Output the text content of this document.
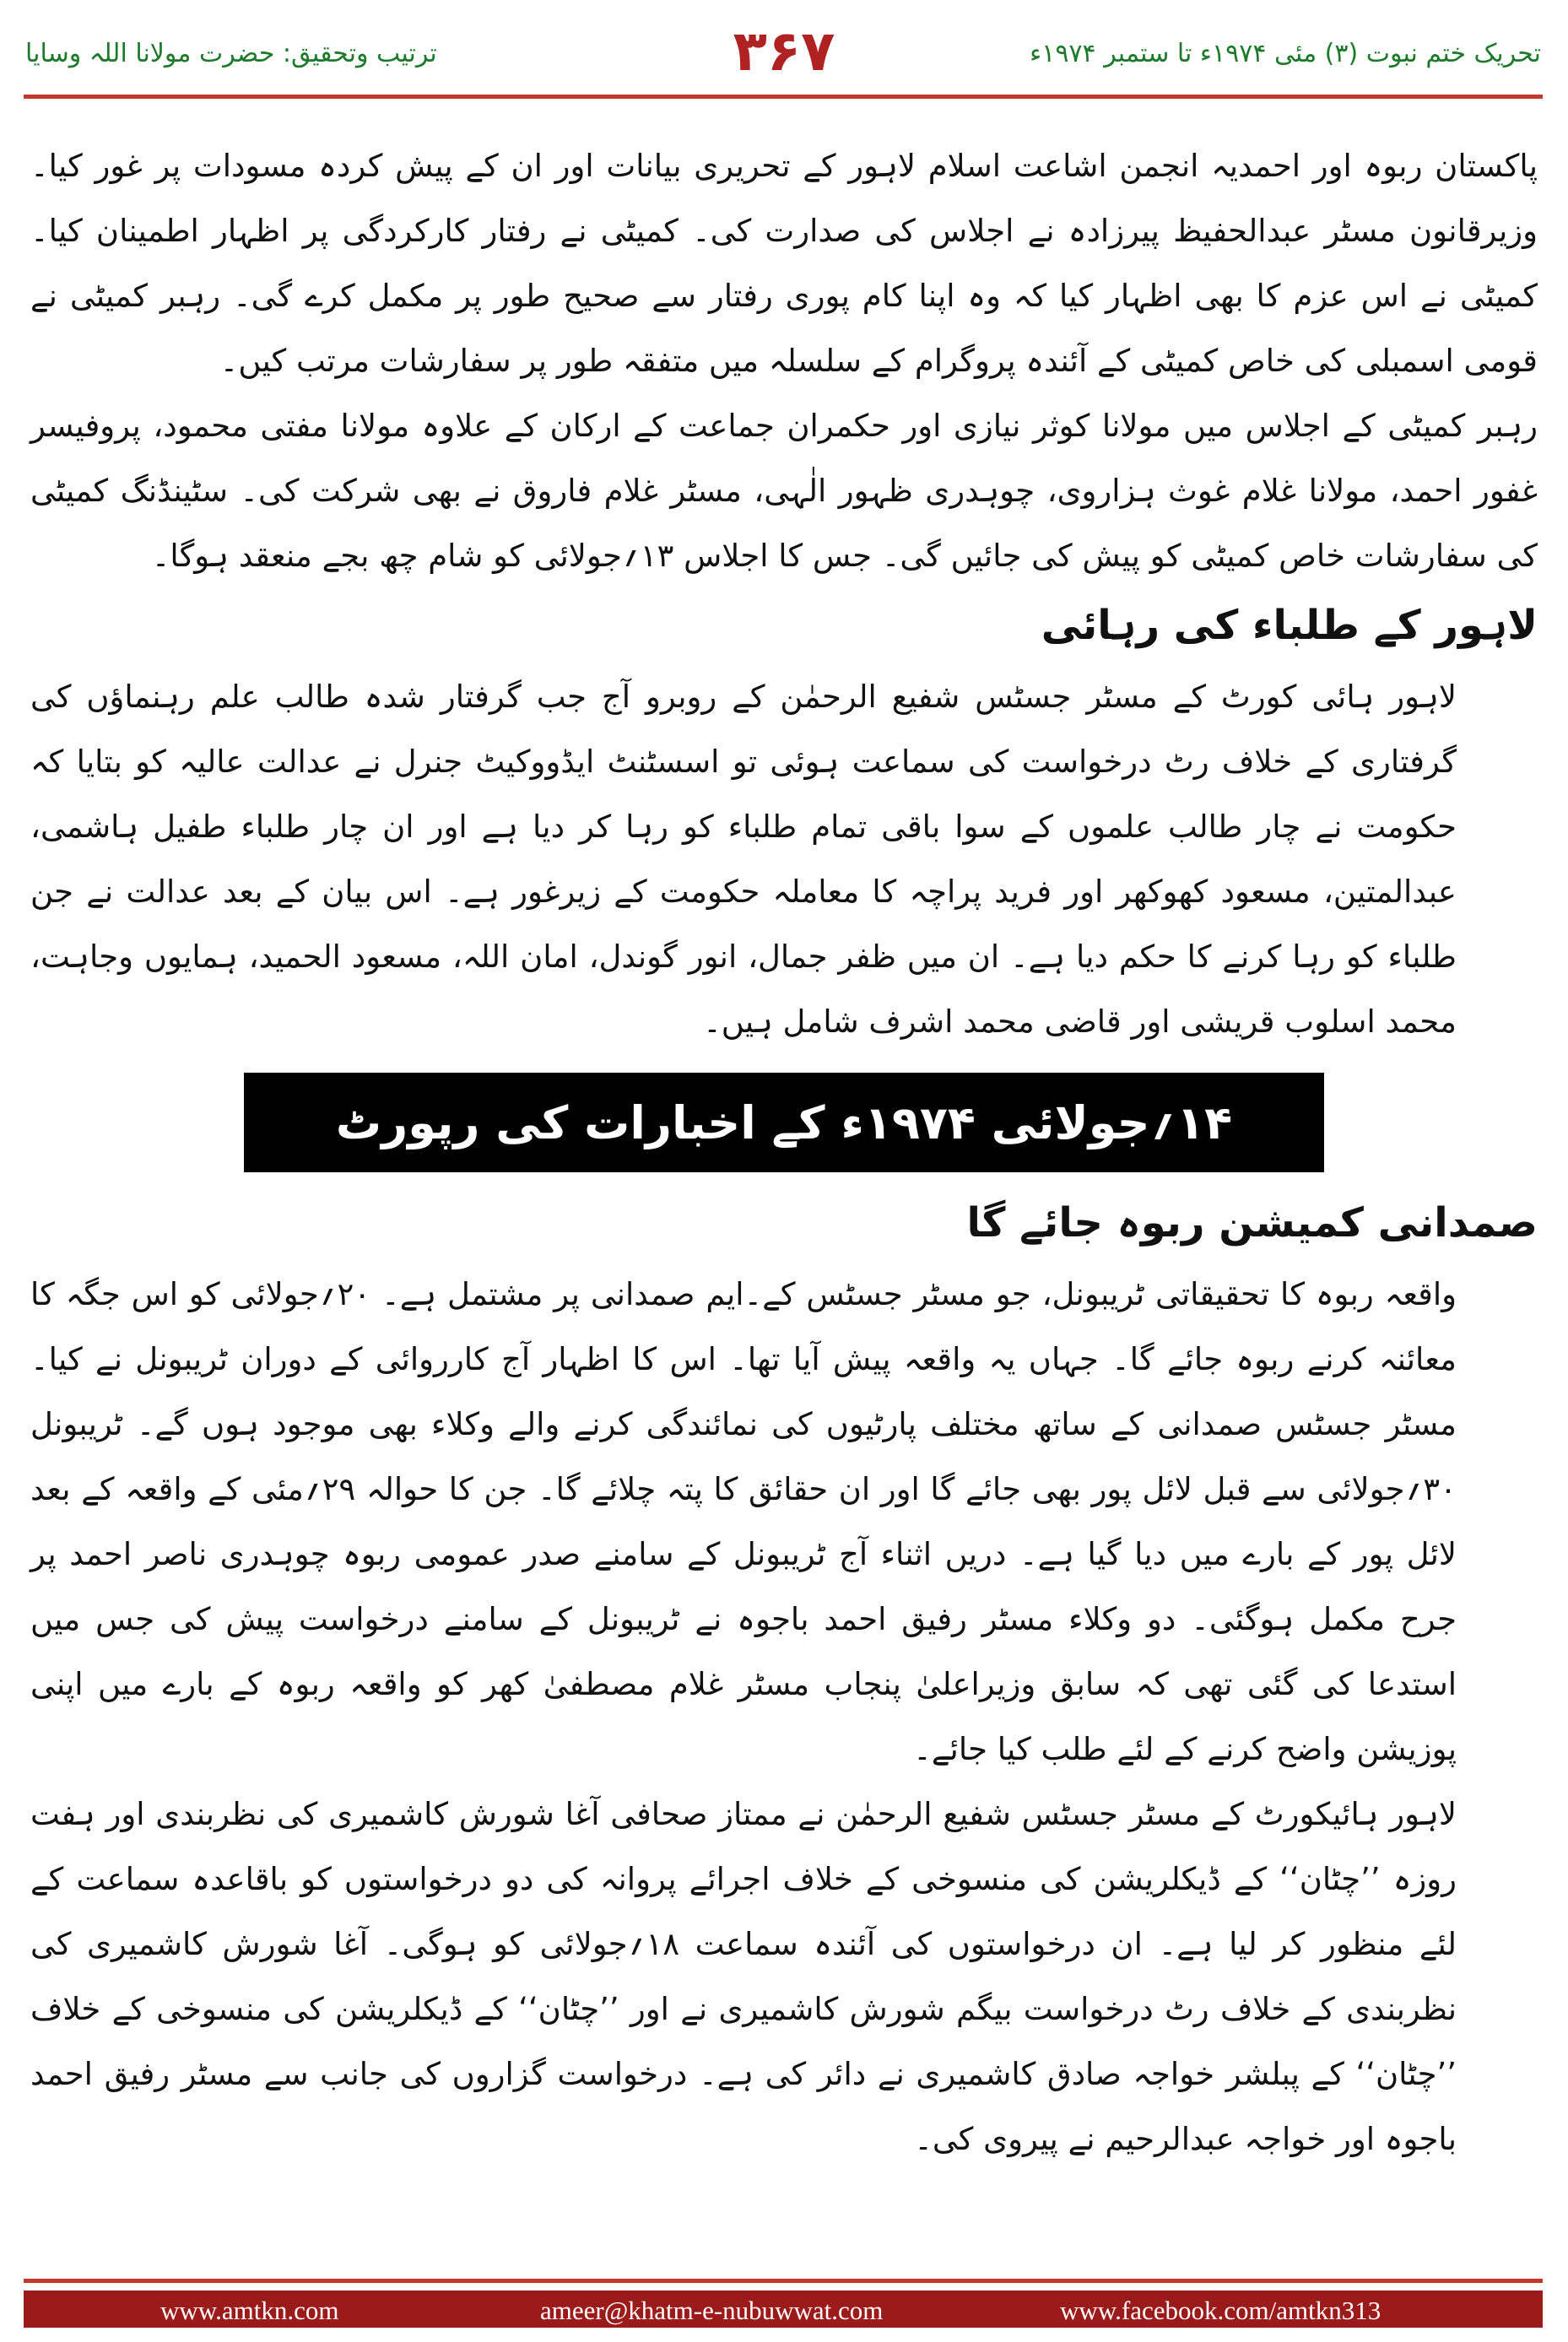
ترتیب وتحقیق: حضرت مولانا اللہ وسایا	۳۶۷	تحریک ختم نبوت (۳) مئی ۱۹۷۴ء تا ستمبر ۱۹۷۴ء

پاکستان ربوہ اور احمدیہ انجمن اشاعت اسلام لاہور کے تحریری بیانات اور ان کے پیش کردہ مسودات پر غور کیا۔ وزیرقانون مسٹر عبدالحفیظ پیرزادہ نے اجلاس کی صدارت کی۔ کمیٹی نے رفتار کارکردگی پر اظہار اطمینان کیا۔ کمیٹی نے اس عزم کا بھی اظہار کیا کہ وہ اپنا کام پوری رفتار سے صحیح طور پر مکمل کرے گی۔ رہبر کمیٹی نے قومی اسمبلی کی خاص کمیٹی کے آئندہ پروگرام کے سلسلہ میں متفقہ طور پر سفارشات مرتب کیں۔

رہبر کمیٹی کے اجلاس میں مولانا کوثر نیازی اور حکمران جماعت کے ارکان کے علاوہ مولانا مفتی محمود، پروفیسر غفور احمد، مولانا غلام غوث ہزاروی، چوہدری ظہور الٰہی، مسٹر غلام فاروق نے بھی شرکت کی۔ سٹینڈنگ کمیٹی کی سفارشات خاص کمیٹی کو پیش کی جائیں گی۔ جس کا اجلاس ۱۳؍جولائی کو شام چھ بجے منعقد ہوگا۔

لاہور کے طلباء کی رہائی

لاہور ہائی کورٹ کے مسٹر جسٹس شفیع الرحمٰن کے روبرو آج جب گرفتار شدہ طالب علم رہنماؤں کی گرفتاری کے خلاف رٹ درخواست کی سماعت ہوئی تو اسسٹنٹ ایڈووکیٹ جنرل نے عدالت عالیہ کو بتایا کہ حکومت نے چار طالب علموں کے سوا باقی تمام طلباء کو رہا کر دیا ہے اور ان چار طلباء طفیل ہاشمی، عبدالمتین، مسعود کھوکھر اور فرید پراچہ کا معاملہ حکومت کے زیرغور ہے۔ اس بیان کے بعد عدالت نے جن طلباء کو رہا کرنے کا حکم دیا ہے۔ ان میں ظفر جمال، انور گوندل، امان اللہ، مسعود الحمید، ہمایوں وجاہت، محمد اسلوب قریشی اور قاضی محمد اشرف شامل ہیں۔

۱۴؍جولائی ۱۹۷۴ء کے اخبارات کی رپورٹ
صمدانی کمیشن ربوہ جائے گا

واقعہ ربوہ کا تحقیقاتی ٹریبونل، جو مسٹر جسٹس کے۔ایم صمدانی پر مشتمل ہے۔ ۲۰؍جولائی کو اس جگہ کا معائنہ کرنے ربوہ جائے گا۔ جہاں یہ واقعہ پیش آیا تھا۔ اس کا اظہار آج کارروائی کے دوران ٹریبونل نے کیا۔ مسٹر جسٹس صمدانی کے ساتھ مختلف پارٹیوں کی نمائندگی کرنے والے وکلاء بھی موجود ہوں گے۔ ٹریبونل ۳۰؍جولائی سے قبل لائل پور بھی جائے گا اور ان حقائق کا پتہ چلائے گا۔ جن کا حوالہ ۲۹؍مئی کے واقعہ کے بعد لائل پور کے بارے میں دیا گیا ہے۔ دریں اثناء آج ٹریبونل کے سامنے صدر عمومی ربوہ چوہدری ناصر احمد پر جرح مکمل ہوگئی۔ دو وکلاء مسٹر رفیق احمد باجوہ نے ٹریبونل کے سامنے درخواست پیش کی جس میں استدعا کی گئی تھی کہ سابق وزیراعلیٰ پنجاب مسٹر غلام مصطفیٰ کھر کو واقعہ ربوہ کے بارے میں اپنی پوزیشن واضح کرنے کے لئے طلب کیا جائے۔

لاہور ہائیکورٹ کے مسٹر جسٹس شفیع الرحمٰن نے ممتاز صحافی آغا شورش کاشمیری کی نظربندی اور ہفت روزہ ’’چٹان‘‘ کے ڈیکلریشن کی منسوخی کے خلاف اجرائے پروانہ کی دو درخواستوں کو باقاعدہ سماعت کے لئے منظور کر لیا ہے۔ ان درخواستوں کی آئندہ سماعت ۱۸؍جولائی کو ہوگی۔ آغا شورش کاشمیری کی نظربندی کے خلاف رٹ درخواست بیگم شورش کاشمیری نے اور ’’چٹان‘‘ کے ڈیکلریشن کی منسوخی کے خلاف ’’چٹان‘‘ کے پبلشر خواجہ صادق کاشمیری نے دائر کی ہے۔ درخواست گزاروں کی جانب سے مسٹر رفیق احمد باجوہ اور خواجہ عبدالرحیم نے پیروی کی۔

www.amtkn.com	ameer@khatm-e-nubuwwat.com	www.facebook.com/amtkn313
